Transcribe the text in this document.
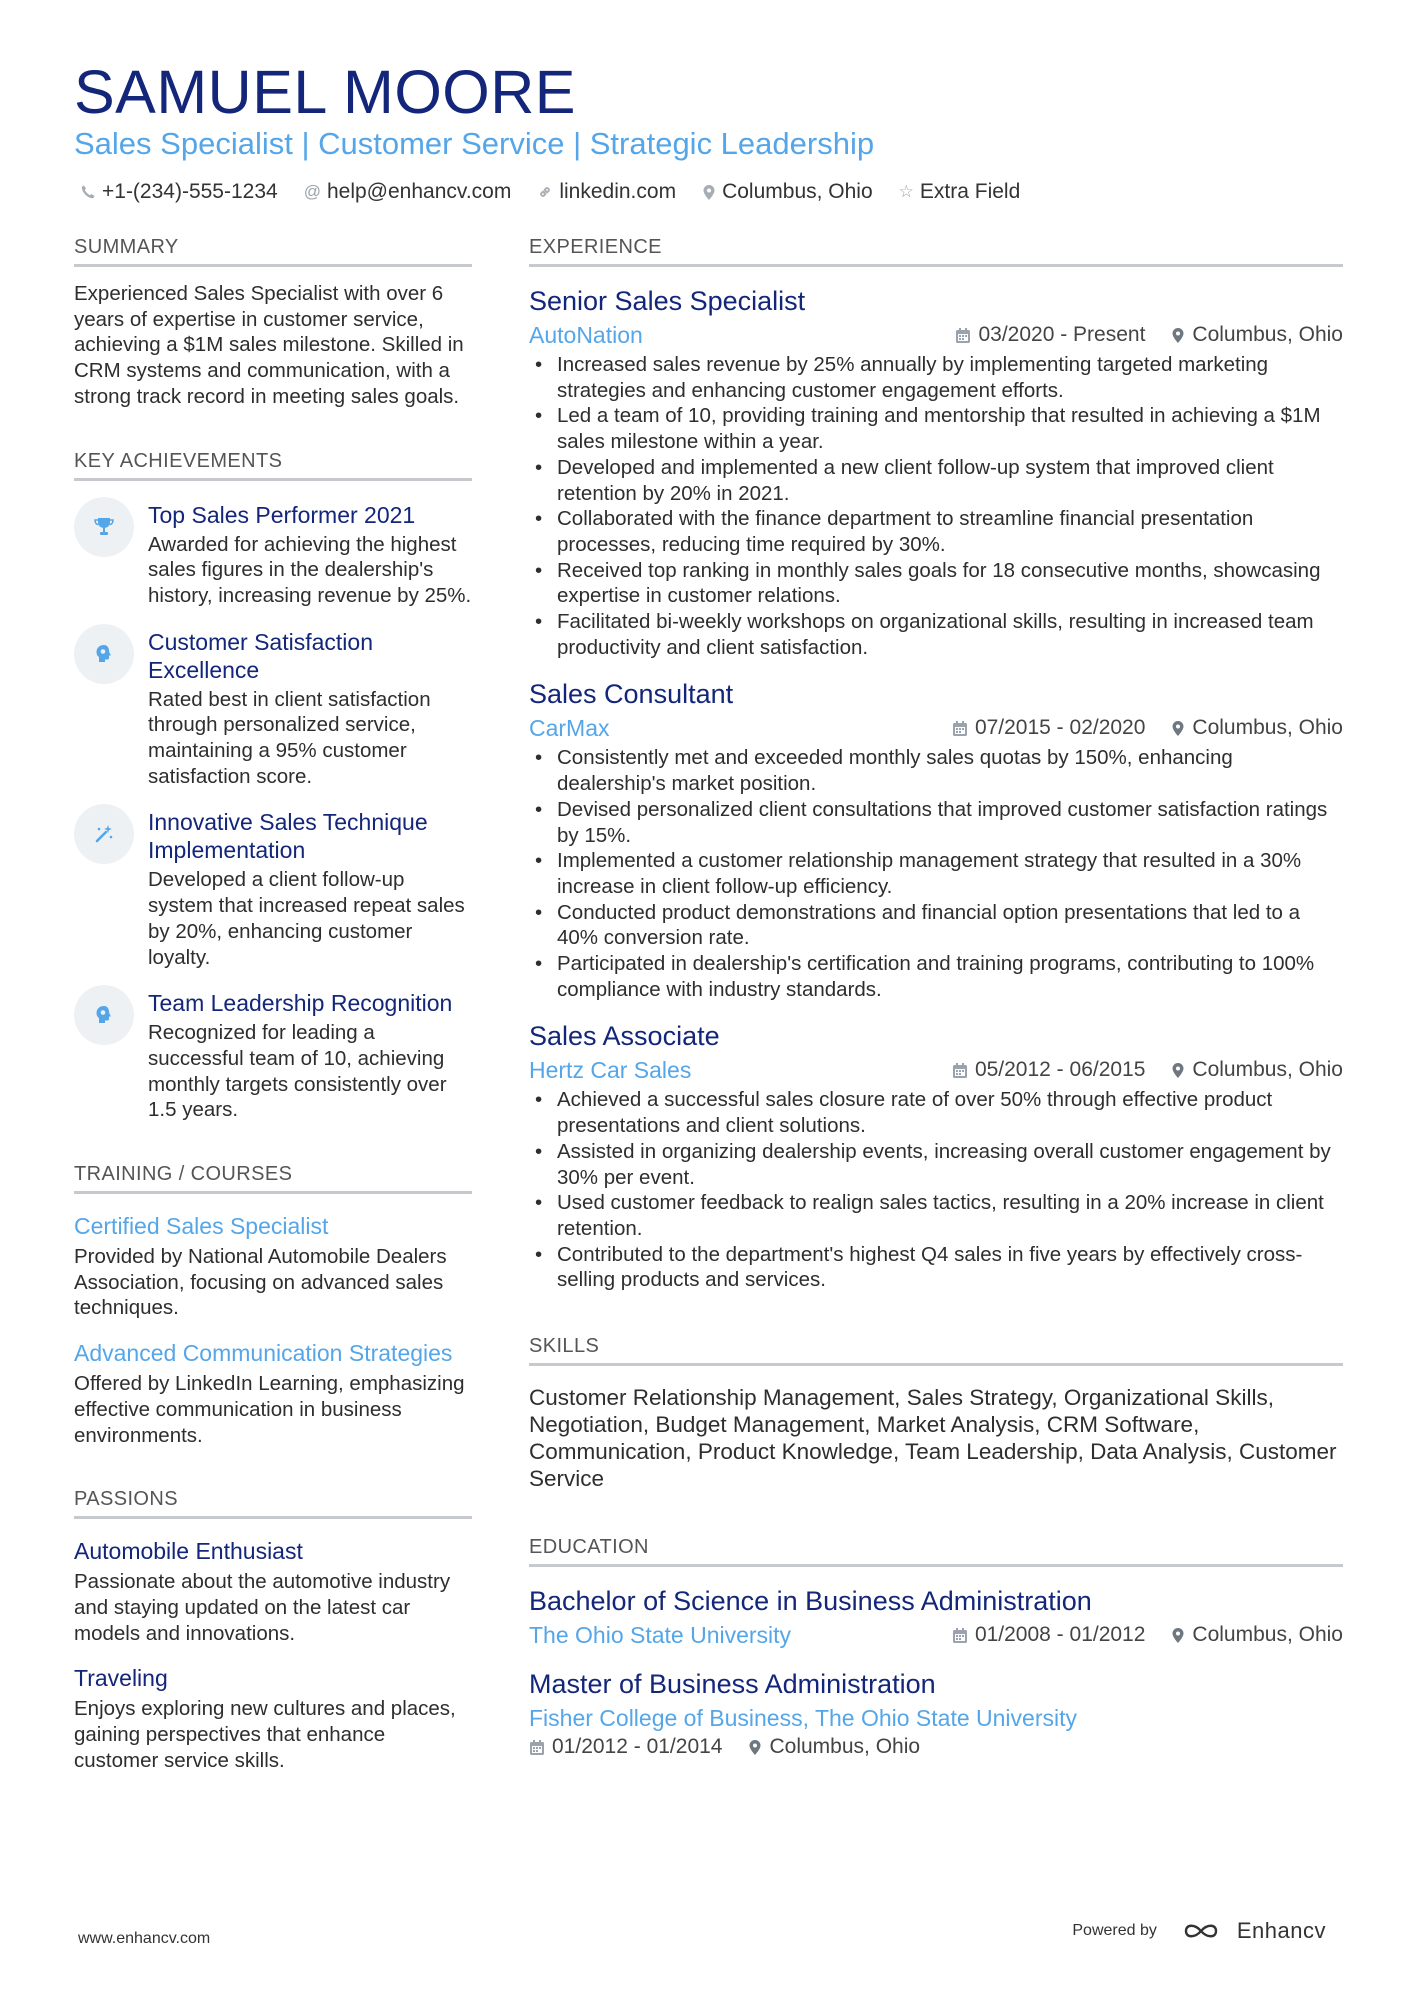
SAMUEL MOORE
Sales Specialist | Customer Service | Strategic Leadership
+1-(234)-555-1234 @ help@enhancv.com linkedin.com Columbus, Ohio ☆ Extra Field
SUMMARY
Experienced Sales Specialist with over 6 years of expertise in customer service, achieving a $1M sales milestone. Skilled in CRM systems and communication, with a strong track record in meeting sales goals.
KEY ACHIEVEMENTS
Top Sales Performer 2021
Awarded for achieving the highest sales figures in the dealership's history, increasing revenue by 25%.
Customer Satisfaction Excellence
Rated best in client satisfaction through personalized service, maintaining a 95% customer satisfaction score.
Innovative Sales Technique Implementation
Developed a client follow-up system that increased repeat sales by 20%, enhancing customer loyalty.
Team Leadership Recognition
Recognized for leading a successful team of 10, achieving monthly targets consistently over 1.5 years.
TRAINING / COURSES
Certified Sales Specialist
Provided by National Automobile Dealers Association, focusing on advanced sales techniques.
Advanced Communication Strategies
Offered by LinkedIn Learning, emphasizing effective communication in business environments.
PASSIONS
Automobile Enthusiast
Passionate about the automotive industry and staying updated on the latest car models and innovations.
Traveling
Enjoys exploring new cultures and places, gaining perspectives that enhance customer service skills.
EXPERIENCE
Senior Sales Specialist
AutoNation	03/2020 - Present Columbus, Ohio
• Increased sales revenue by 25% annually by implementing targeted marketing strategies and enhancing customer engagement efforts.
• Led a team of 10, providing training and mentorship that resulted in achieving a $1M sales milestone within a year.
• Developed and implemented a new client follow-up system that improved client retention by 20% in 2021.
• Collaborated with the finance department to streamline financial presentation processes, reducing time required by 30%.
• Received top ranking in monthly sales goals for 18 consecutive months, showcasing expertise in customer relations.
• Facilitated bi-weekly workshops on organizational skills, resulting in increased team productivity and client satisfaction.
Sales Consultant
CarMax	07/2015 - 02/2020 Columbus, Ohio
• Consistently met and exceeded monthly sales quotas by 150%, enhancing dealership's market position.
• Devised personalized client consultations that improved customer satisfaction ratings by 15%.
• Implemented a customer relationship management strategy that resulted in a 30% increase in client follow-up efficiency.
• Conducted product demonstrations and financial option presentations that led to a 40% conversion rate.
• Participated in dealership's certification and training programs, contributing to 100% compliance with industry standards.
Sales Associate
Hertz Car Sales	05/2012 - 06/2015 Columbus, Ohio
• Achieved a successful sales closure rate of over 50% through effective product presentations and client solutions.
• Assisted in organizing dealership events, increasing overall customer engagement by 30% per event.
• Used customer feedback to realign sales tactics, resulting in a 20% increase in client retention.
• Contributed to the department's highest Q4 sales in five years by effectively cross-selling products and services.
SKILLS
Customer Relationship Management, Sales Strategy, Organizational Skills, Negotiation, Budget Management, Market Analysis, CRM Software, Communication, Product Knowledge, Team Leadership, Data Analysis, Customer Service
EDUCATION
Bachelor of Science in Business Administration
The Ohio State University	01/2008 - 01/2012 Columbus, Ohio
Master of Business Administration
Fisher College of Business, The Ohio State University
01/2012 - 01/2014 Columbus, Ohio
www.enhancv.com	Powered by	Enhancv
